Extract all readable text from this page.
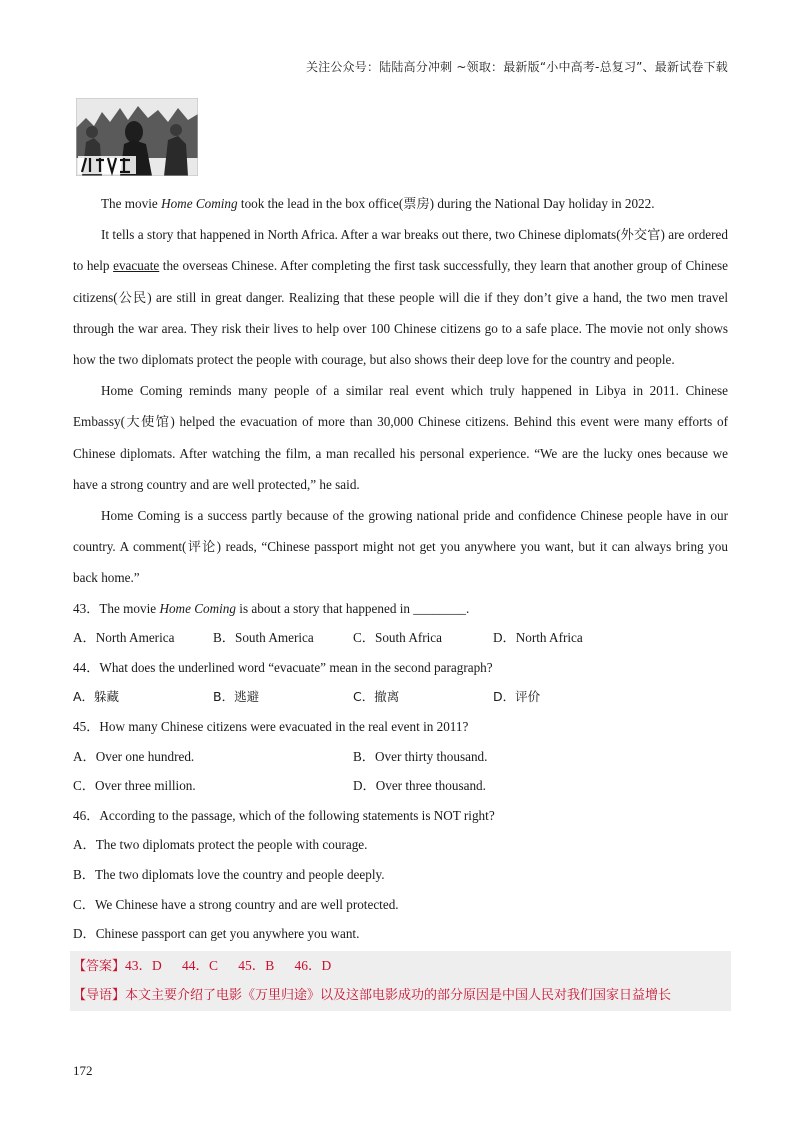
关注公众号：陆陆高分冲刺 ~领取：最新版“小中高考-总复习”、最新试卷下载

The movie Home Coming took the lead in the box office(票房) during the National Day holiday in 2022.

It tells a story that happened in North Africa. After a war breaks out there, two Chinese diplomats(外交官) are ordered to help evacuate the overseas Chinese. After completing the first task successfully, they learn that another group of Chinese citizens(公民) are still in great danger. Realizing that these people will die if they don’t give a hand, the two men travel through the war area. They risk their lives to help over 100 Chinese citizens go to a safe place. The movie not only shows how the two diplomats protect the people with courage, but also shows their deep love for the country and people.

Home Coming reminds many people of a similar real event which truly happened in Libya in 2011. Chinese Embassy(大使馆) helped the evacuation of more than 30,000 Chinese citizens. Behind this event were many efforts of Chinese diplomats. After watching the film, a man recalled his personal experience. “We are the lucky ones because we have a strong country and are well protected,” he said.

Home Coming is a success partly because of the growing national pride and confidence Chinese people have in our country. A comment(评论) reads, “Chinese passport might not get you anywhere you want, but it can always bring you back home.”

43．The movie Home Coming is about a story that happened in ________.

A．North America	B．South America	C．South Africa	D．North Africa

44．What does the underlined word “evacuate” mean in the second paragraph?

A．躲藏	B．逃避	C．撤离	D．评价

45．How many Chinese citizens were evacuated in the real event in 2011?

A．Over one hundred.	B．Over thirty thousand.
C．Over three million.	D．Over three thousand.

46．According to the passage, which of the following statements is NOT right?

A．The two diplomats protect the people with courage.
B．The two diplomats love the country and people deeply.
C．We Chinese have a strong country and are well protected.
D．Chinese passport can get you anywhere you want.
【答案】43．D      44．C      45．B      46．D
【导语】本文主要介绍了电影《万里归途》以及这部电影成功的部分原因是中国人民对我们国家日益增长
172
